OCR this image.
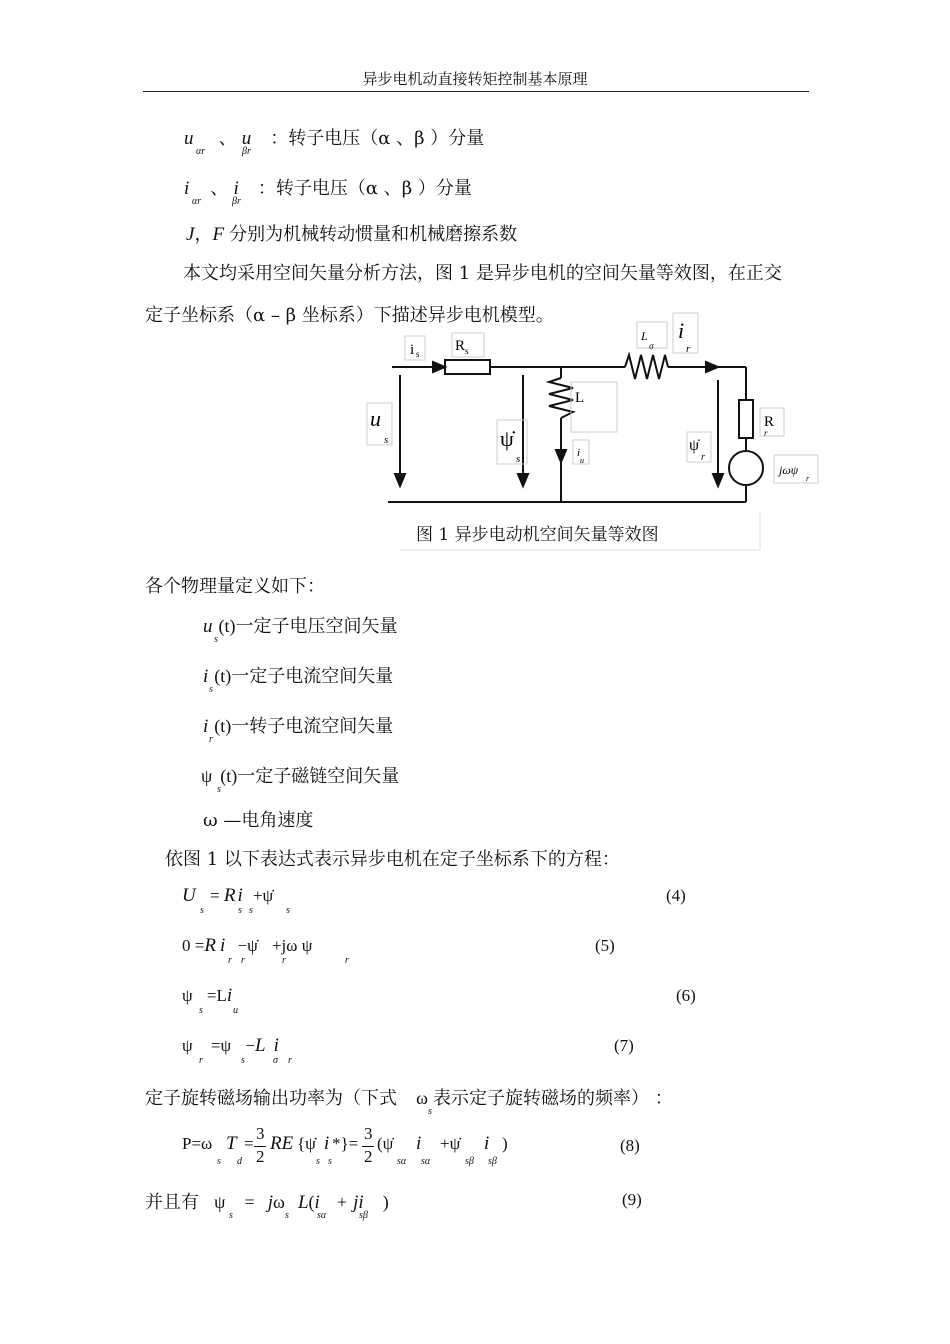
异步电机动直接转矩控制基本原理
u
αr
、 u
βr
：转子电压（α 、β ）分量
i
αr
、 i
βr
：转子电压（α 、β ）分量
J，F 分别为机械转动惯量和机械磨擦系数
本文均采用空间矢量分析方法，图 1 是异步电机的空间矢量等效图，在正交
定子坐标系（α – β 坐标系）下描述异步电机模型。
i s R s
L
σ
i
r
u
s	ψ̇
s
L
i
u
ψ̇
r
R
r
jωψ
r
图 1 异步电动机空间矢量等效图
各个物理量定义如下：
u
s
(t)一定子电压空间矢量
i
s
(t)一定子电流空间矢量
i
r
(t)一转子电流空间矢量
ψ
s
(t)一定子磁链空间矢量
ω —电角速度
依图 1 以下表达式表示异步电机在定子坐标系下的方程：
U
s
= R
s
i
s
+ψ̇
s
(4)
0 =R
r
i
r
−ψ̇
r
+jω ψ
r
(5)
ψ
s
=Li
u
(6)
ψ
r
=ψ
s
−L
σ
i
r
(7)
定子旋转磁场输出功率为（下式 ω
s
表示定子旋转磁场的频率） ：
P=ω
s
T
d
=
3
2
RE {ψ̇
s
i
s
*}=
3
2
(ψ̇
sα
i
sα
+ψ̇
sβ
i
sβ
)	(8)
并且有 ψ
s
= jω
s
L(i
sα
+ ji
sβ
)	(9)
